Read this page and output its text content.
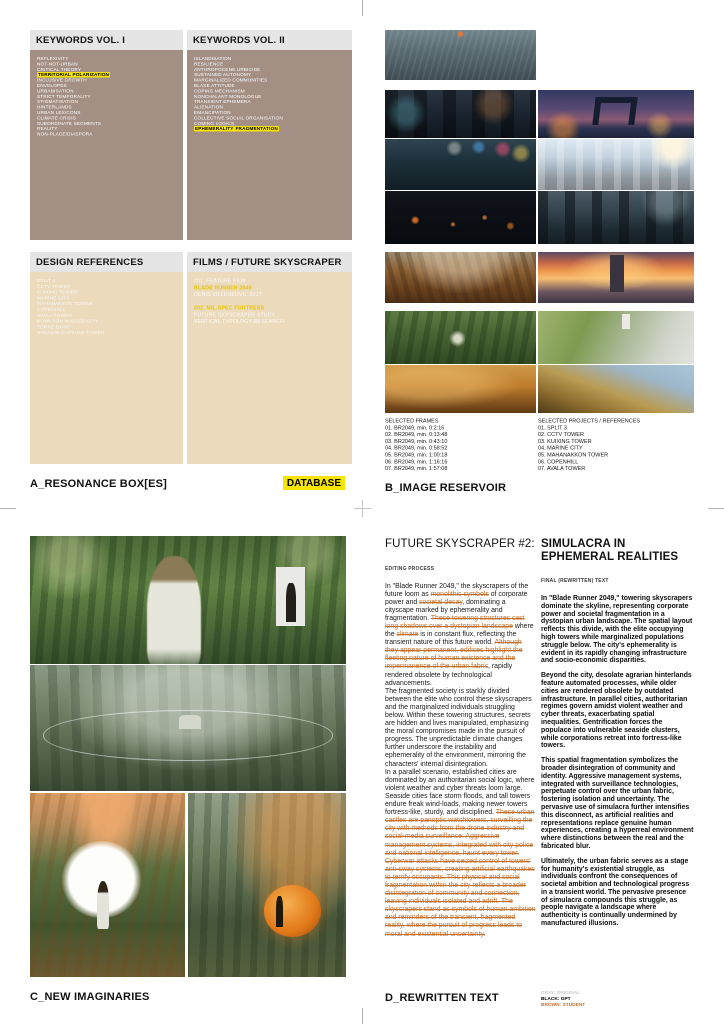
KEYWORDS VOL. I
REFLEXIVITY
NOT-NOT-URBAN
CRITICAL THEORY
TERRITORIAL POLARIZATION
INCLUSIVE GROWTH
ENVELOPES
URBANISATION
STRICT TEMPORALITY
STIGMATISATION
HINTERLANDS
URBAN LEXICONS
CLIMATE CRISIS
SUBORDINATE SEGMENTS
REALITY
NON-PLACE/DIASPORA
KEYWORDS VOL. II
ISLANDISATION
RESILIENCE
ANTHROPOCENE URBICIDE
SUSTAINED AUTONOMY
MARGINALIZED COMMUNITIES
BLASE ATTITUDE
COPING MECHANISM
NONCHALANT MONOLOGUE
TRANSIENT EPHEMERA
ALIENATION
EMANCIPATION
COLLECTIVE SOCIAL ORGANISATION
COMING LOGICS
EPHEMERALITY FRAGMENTATION
DESIGN REFERENCES
SPLIT 3
CCTV TOWER
KUIXING TOWER
MARINE CITY
MAHANAKKON TOWER
COPENHILL
AVALA TOWER
KOWLOON WALLED CITY
TORRE DAVID
NAKAGIN CAPSULE TOWER
FILMS / FUTURE SKYSCRAPER
#01. FEATURE FILM
BLADE RUNNER 2049
DENIS VILLENEUVE, 2017
-
#02. MIL-SPEC FORTRESS
FUTURE SKYSCRAPER STUDY
VERTICAL TYPOLOGY RESEARCH
A_RESONANCE BOX[ES]	DATABASE
SELECTED FRAMES
01. BR2049, min. 0:2:16
02. BR2049, min. 0:13:48
03. BR2049, min. 0:43:10
04. BR2049, min. 0:58:52
05. BR2049, min. 1:00:18
06. BR2049, min. 1:16:16
07. BR2049, min. 1:57:08
SELECTED PROJECTS / REFERENCES
01. SPLIT 3
02. CCTV TOWER
03. KUIXING TOWER
04. MARINE CITY
05. MAHANAKKON TOWER
06. COPENHILL
07. AVALA TOWER
B_IMAGE RESERVOIR
C_NEW IMAGINARIES
FUTURE SKYSCRAPER #2:
EDITING PROCESS

In "Blade Runner 2049," the skyscrapers of the future loom as monolithic symbols of corporate power and societal decay, dominating a cityscape marked by ephemerality and fragmentation. These towering structures cast long shadows over a dystopian landscape where the climate is in constant flux, reflecting the transient nature of this future world. Although they appear permanent, edifices highlight the fleeting nature of human existence and the impermanence of the urban fabric, rapidly rendered obsolete by technological advancements.

The fragmented society is starkly divided between the elite who control these skyscrapers and the marginalized individuals struggling below. Within these towering structures, secrets are hidden and lives manipulated, emphasizing the moral compromises made in the pursuit of progress. The unpredictable climate changes further underscore the instability and ephemerality of the environment, mirroring the characters' internal disintegration.

In a parallel scenario, established cities are dominated by an authoritarian social logic, where violent weather and cyber threats loom large. Seaside cities face storm floods, and tall towers endure freak wind-loads, making newer towers fortress-like, sturdy, and disciplined. These urban castles are panoptic watchtowers, surveilling the city with methods from the drone industry and social-media surveillance: Aggressive management systems, integrated with city police and national intelligence, haunt every tower. Cyberwar attacks have seized control of towers' anti-sway systems, creating artificial earthquakes to terrify occupants. This physical and social fragmentation within the city reflects a broader disintegration of community and connection, leaving individuals isolated and adrift. The skyscrapers stand as symbols of human ambition and reminders of the transient, fragmented reality, where the pursuit of progress leads to moral and existential uncertainty.

SIMULACRA IN EPHEMERAL REALITIES
FINAL (REWRITTEN) TEXT

In "Blade Runner 2049," towering skyscrapers dominate the skyline, representing corporate power and societal fragmentation in a dystopian urban landscape. The spatial layout reflects this divide, with the elite occupying high towers while marginalized populations struggle below. The city's ephemerality is evident in its rapidly changing infrastructure and socio-economic disparities.

Beyond the city, desolate agrarian hinterlands feature automated processes, while older cities are rendered obsolete by outdated infrastructure. In parallel cities, authoritarian regimes govern amidst violent weather and cyber threats, exacerbating spatial inequalities. Gentrification forces the populace into vulnerable seaside clusters, while corporations retreat into fortress-like towers.

This spatial fragmentation symbolizes the broader disintegration of community and identity. Aggressive management systems, integrated with surveillance technologies, perpetuate control over the urban fabric, fostering isolation and uncertainty. The pervasive use of simulacra further intensifies this disconnect, as artificial realities and representations replace genuine human experiences, creating a hyperreal environment where distinctions between the real and the fabricated blur.

Ultimately, the urban fabric serves as a stage for humanity's existential struggle, as individuals confront the consequences of societal ambition and technological progress in a transient world. The pervasive presence of simulacra compounds this struggle, as people navigate a landscape where authenticity is continually undermined by manufactured illusions.

D_REWRITTEN TEXT	GRAY: ORIGINAL
BLACK: GPT
BROWN: STUDENT
